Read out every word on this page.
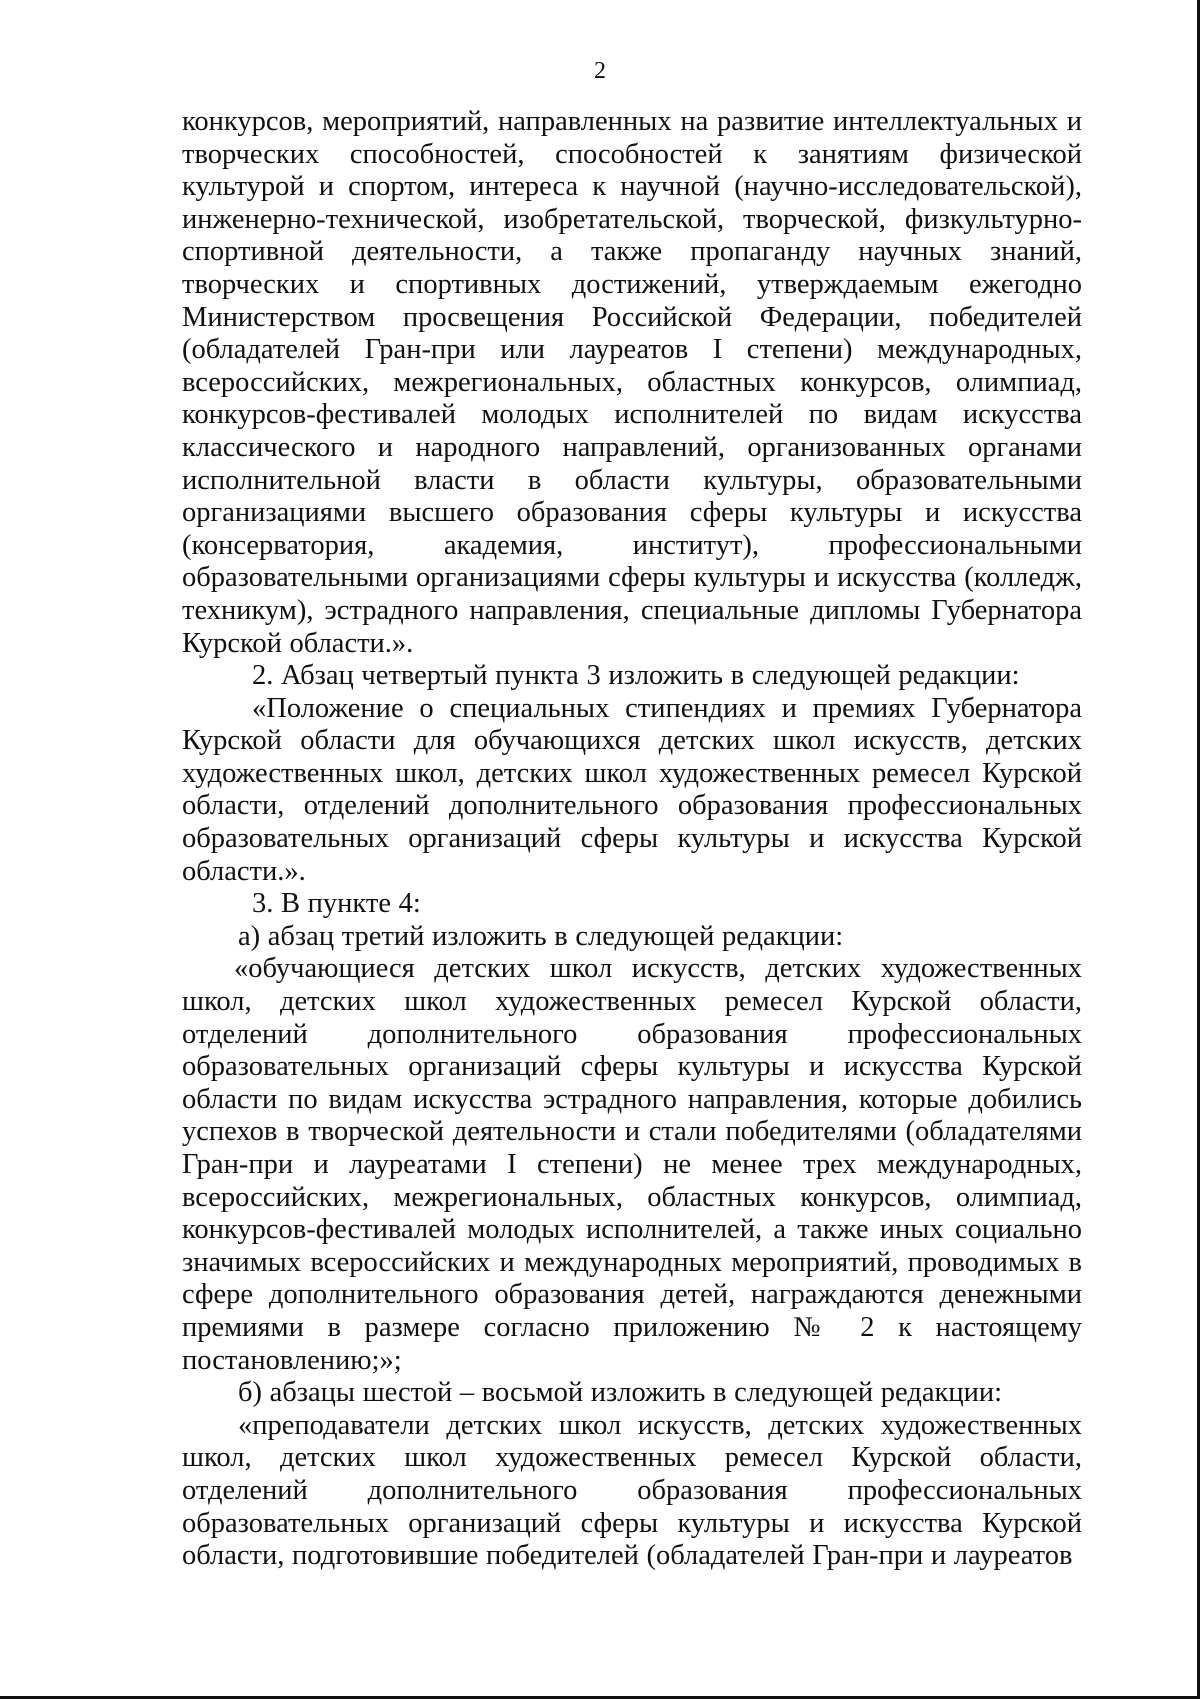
2

конкурсов, мероприятий, направленных на развитие интеллектуальных и творческих способностей, способностей к занятиям физической культурой и спортом, интереса к научной (научно-исследовательской), инженерно-технической, изобретательской, творческой, физкультурно-спортивной деятельности, а также пропаганду научных знаний, творческих и спортивных достижений, утверждаемым ежегодно Министерством просвещения Российской Федерации, победителей (обладателей Гран-при или лауреатов I степени) международных, всероссийских, межрегиональных, областных конкурсов, олимпиад, конкурсов-фестивалей молодых исполнителей по видам искусства классического и народного направлений, организованных органами исполнительной власти в области культуры, образовательными организациями высшего образования сферы культуры и искусства (консерватория, академия, институт), профессиональными образовательными организациями сферы культуры и искусства (колледж, техникум), эстрадного направления, специальные дипломы Губернатора Курской области.».

2. Абзац четвертый пункта 3 изложить в следующей редакции:

«Положение о специальных стипендиях и премиях Губернатора Курской области для обучающихся детских школ искусств, детских художественных школ, детских школ художественных ремесел Курской области, отделений дополнительного образования профессиональных образовательных организаций сферы культуры и искусства Курской области.».

3. В пункте 4:

а) абзац третий изложить в следующей редакции:

«обучающиеся детских школ искусств, детских художественных школ, детских школ художественных ремесел Курской области, отделений дополнительного образования профессиональных образовательных организаций сферы культуры и искусства Курской области по видам искусства эстрадного направления, которые добились успехов в творческой деятельности и стали победителями (обладателями Гран-при и лауреатами I степени) не менее трех международных, всероссийских, межрегиональных, областных конкурсов, олимпиад, конкурсов-фестивалей молодых исполнителей, а также иных социально значимых всероссийских и международных мероприятий, проводимых в сфере дополнительного образования детей, награждаются денежными премиями в размере согласно приложению № 2 к настоящему постановлению;»;

б) абзацы шестой – восьмой изложить в следующей редакции:

«преподаватели детских школ искусств, детских художественных школ, детских школ художественных ремесел Курской области, отделений дополнительного образования профессиональных образовательных организаций сферы культуры и искусства Курской области, подготовившие победителей (обладателей Гран-при и лауреатов
